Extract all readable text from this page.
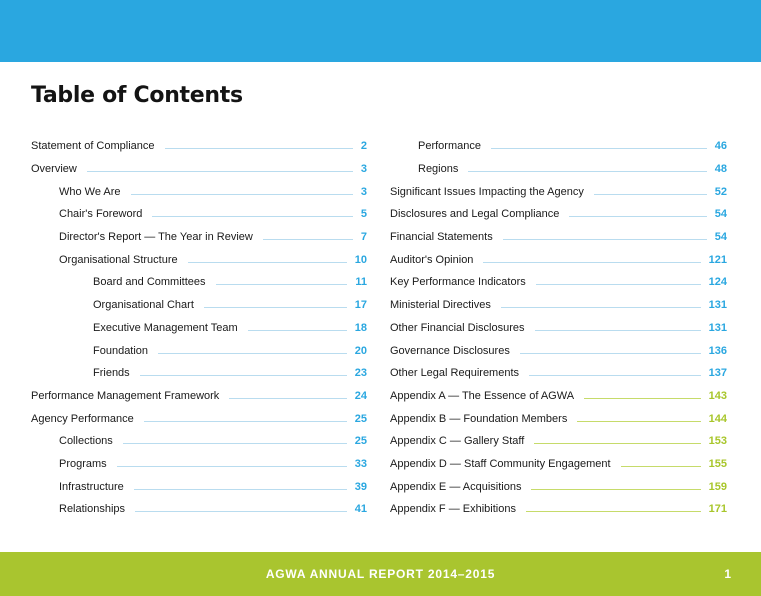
Table of Contents
Statement of Compliance	2
Overview	3
Who We Are	3
Chair's Foreword	5
Director's Report — The Year in Review	7
Organisational Structure	10
Board and Committees	11
Organisational Chart	17
Executive Management Team	18
Foundation	20
Friends	23
Performance Management Framework	24
Agency Performance	25
Collections	25
Programs	33
Infrastructure	39
Relationships	41
Performance	46
Regions	48
Significant Issues Impacting the Agency	52
Disclosures and Legal Compliance	54
Financial Statements	54
Auditor's Opinion	121
Key Performance Indicators	124
Ministerial Directives	131
Other Financial Disclosures	131
Governance Disclosures	136
Other Legal Requirements	137
Appendix A — The Essence of AGWA	143
Appendix B — Foundation Members	144
Appendix C — Gallery Staff	153
Appendix D — Staff Community Engagement	155
Appendix E — Acquisitions	159
Appendix F — Exhibitions	171
AGWA ANNUAL REPORT 2014–2015	1
